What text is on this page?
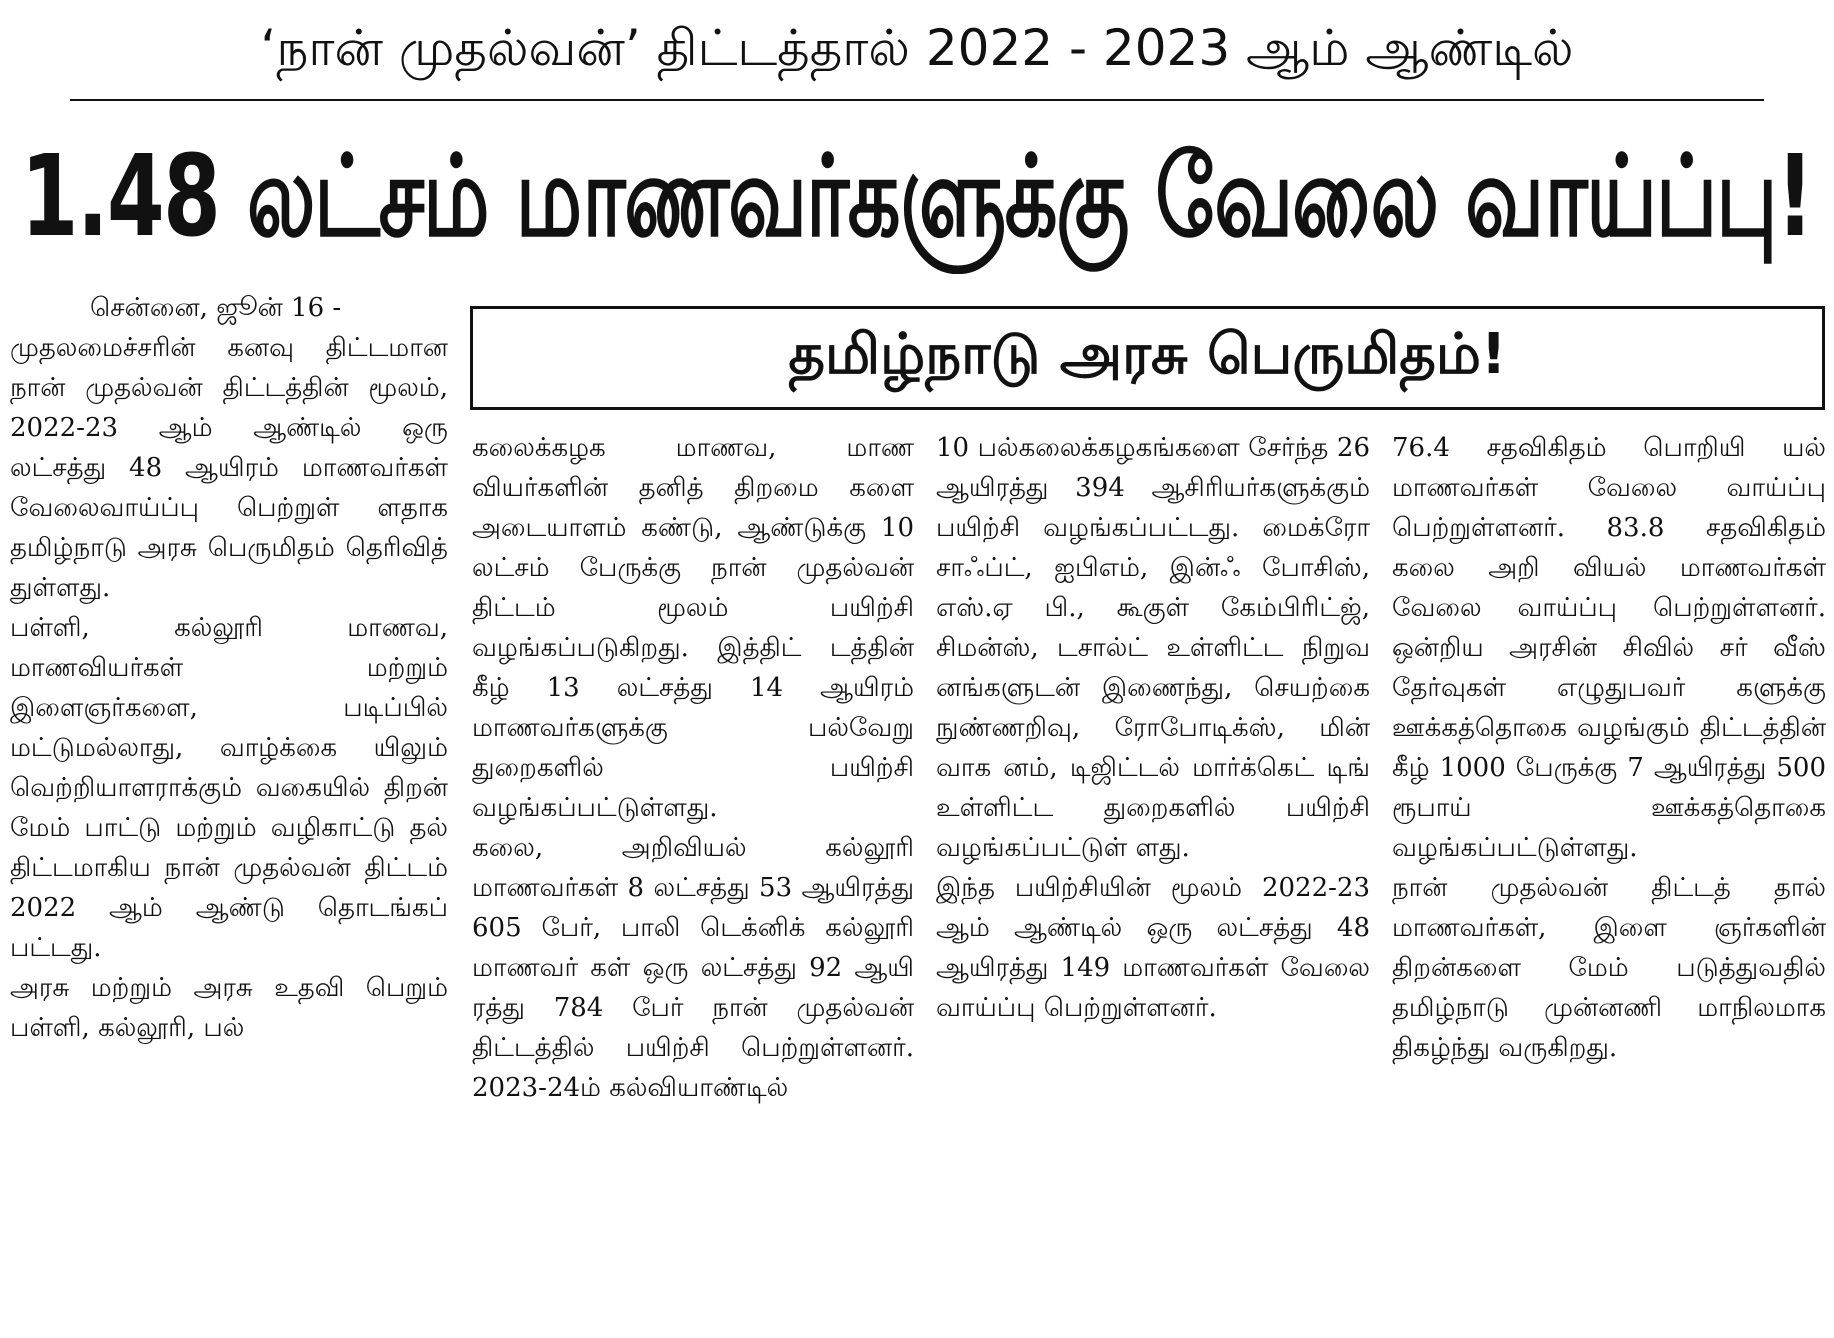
‘நான் முதல்வன்’ திட்டத்தால் 2022 - 2023 ஆம் ஆண்டில்
1.48 லட்சம் மாணவர்களுக்கு வேலை வாய்ப்பு!
தமிழ்நாடு அரசு பெருமிதம்!

சென்னை, ஜூன் 16 -

முதலமைச்சரின் கனவு திட்டமான நான் முதல்வன் திட்டத்தின் மூலம், 2022-23 ஆம் ஆண்டில் ஒரு லட்சத்து 48 ஆயிரம் மாணவர்கள் வேலைவாய்ப்பு பெற்றுள் ளதாக தமிழ்நாடு அரசு பெருமிதம் தெரிவித் துள்ளது.

பள்ளி, கல்லூரி மாணவ, மாணவியர்கள் மற்றும் இளைஞர்களை, படிப்பில் மட்டுமல்லாது, வாழ்க்கை யிலும் வெற்றியாளராக்கும் வகையில் திறன் மேம் பாட்டு மற்றும் வழிகாட்டு தல் திட்டமாகிய நான் முதல்வன் திட்டம் 2022 ஆம் ஆண்டு தொடங்கப் பட்டது.

அரசு மற்றும் அரசு உதவி பெறும் பள்ளி, கல்லூரி, பல்

கலைக்கழக மாணவ, மாண வியர்களின் தனித் திறமை களை அடையாளம் கண்டு, ஆண்டுக்கு 10 லட்சம் பேருக்கு நான் முதல்வன் திட்டம் மூலம் பயிற்சி வழங்கப்படுகிறது. இத்திட் டத்தின் கீழ் 13 லட்சத்து 14 ஆயிரம் மாணவர்களுக்கு பல்வேறு துறைகளில் பயிற்சி வழங்கப்பட்டுள்ளது.

கலை, அறிவியல் கல்லூரி மாணவர்கள் 8 லட்சத்து 53 ஆயிரத்து 605 பேர், பாலி டெக்னிக் கல்லூரி மாணவர் கள் ஒரு லட்சத்து 92 ஆயி ரத்து 784 பேர் நான் முதல்வன் திட்டத்தில் பயிற்சி பெற்றுள்ளனர். 2023-24ம் கல்வியாண்டில்

10 பல்கலைக்கழகங்களை சேர்ந்த 26 ஆயிரத்து 394 ஆசிரியர்களுக்கும் பயிற்சி வழங்கப்பட்டது. மைக்ரோ சாஃப்ட், ஐபிஎம், இன்ஃ போசிஸ், எஸ்.ஏ பி., கூகுள் கேம்பிரிட்ஜ், சிமன்ஸ், டசால்ட் உள்ளிட்ட நிறுவ னங்களுடன் இணைந்து, செயற்கை நுண்ணறிவு, ரோபோடிக்ஸ், மின் வாக னம், டிஜிட்டல் மார்க்கெட் டிங் உள்ளிட்ட துறைகளில் பயிற்சி வழங்கப்பட்டுள் ளது.

இந்த பயிற்சியின் மூலம் 2022-23 ஆம் ஆண்டில் ஒரு லட்சத்து 48 ஆயிரத்து 149 மாணவர்கள் வேலை வாய்ப்பு பெற்றுள்ளனர்.

76.4 சதவிகிதம் பொறியி யல் மாணவர்கள் வேலை வாய்ப்பு பெற்றுள்ளனர். 83.8 சதவிகிதம் கலை அறி வியல் மாணவர்கள் வேலை வாய்ப்பு பெற்றுள்ளனர். ஒன்றிய அரசின் சிவில் சர் வீஸ் தேர்வுகள் எழுதுபவர் களுக்கு ஊக்கத்தொகை வழங்கும் திட்டத்தின் கீழ் 1000 பேருக்கு 7 ஆயிரத்து 500 ரூபாய் ஊக்கத்தொகை வழங்கப்பட்டுள்ளது.

நான் முதல்வன் திட்டத் தால் மாணவர்கள், இளை ஞர்களின் திறன்களை மேம் படுத்துவதில் தமிழ்நாடு முன்னணி மாநிலமாக திகழ்ந்து வருகிறது.
